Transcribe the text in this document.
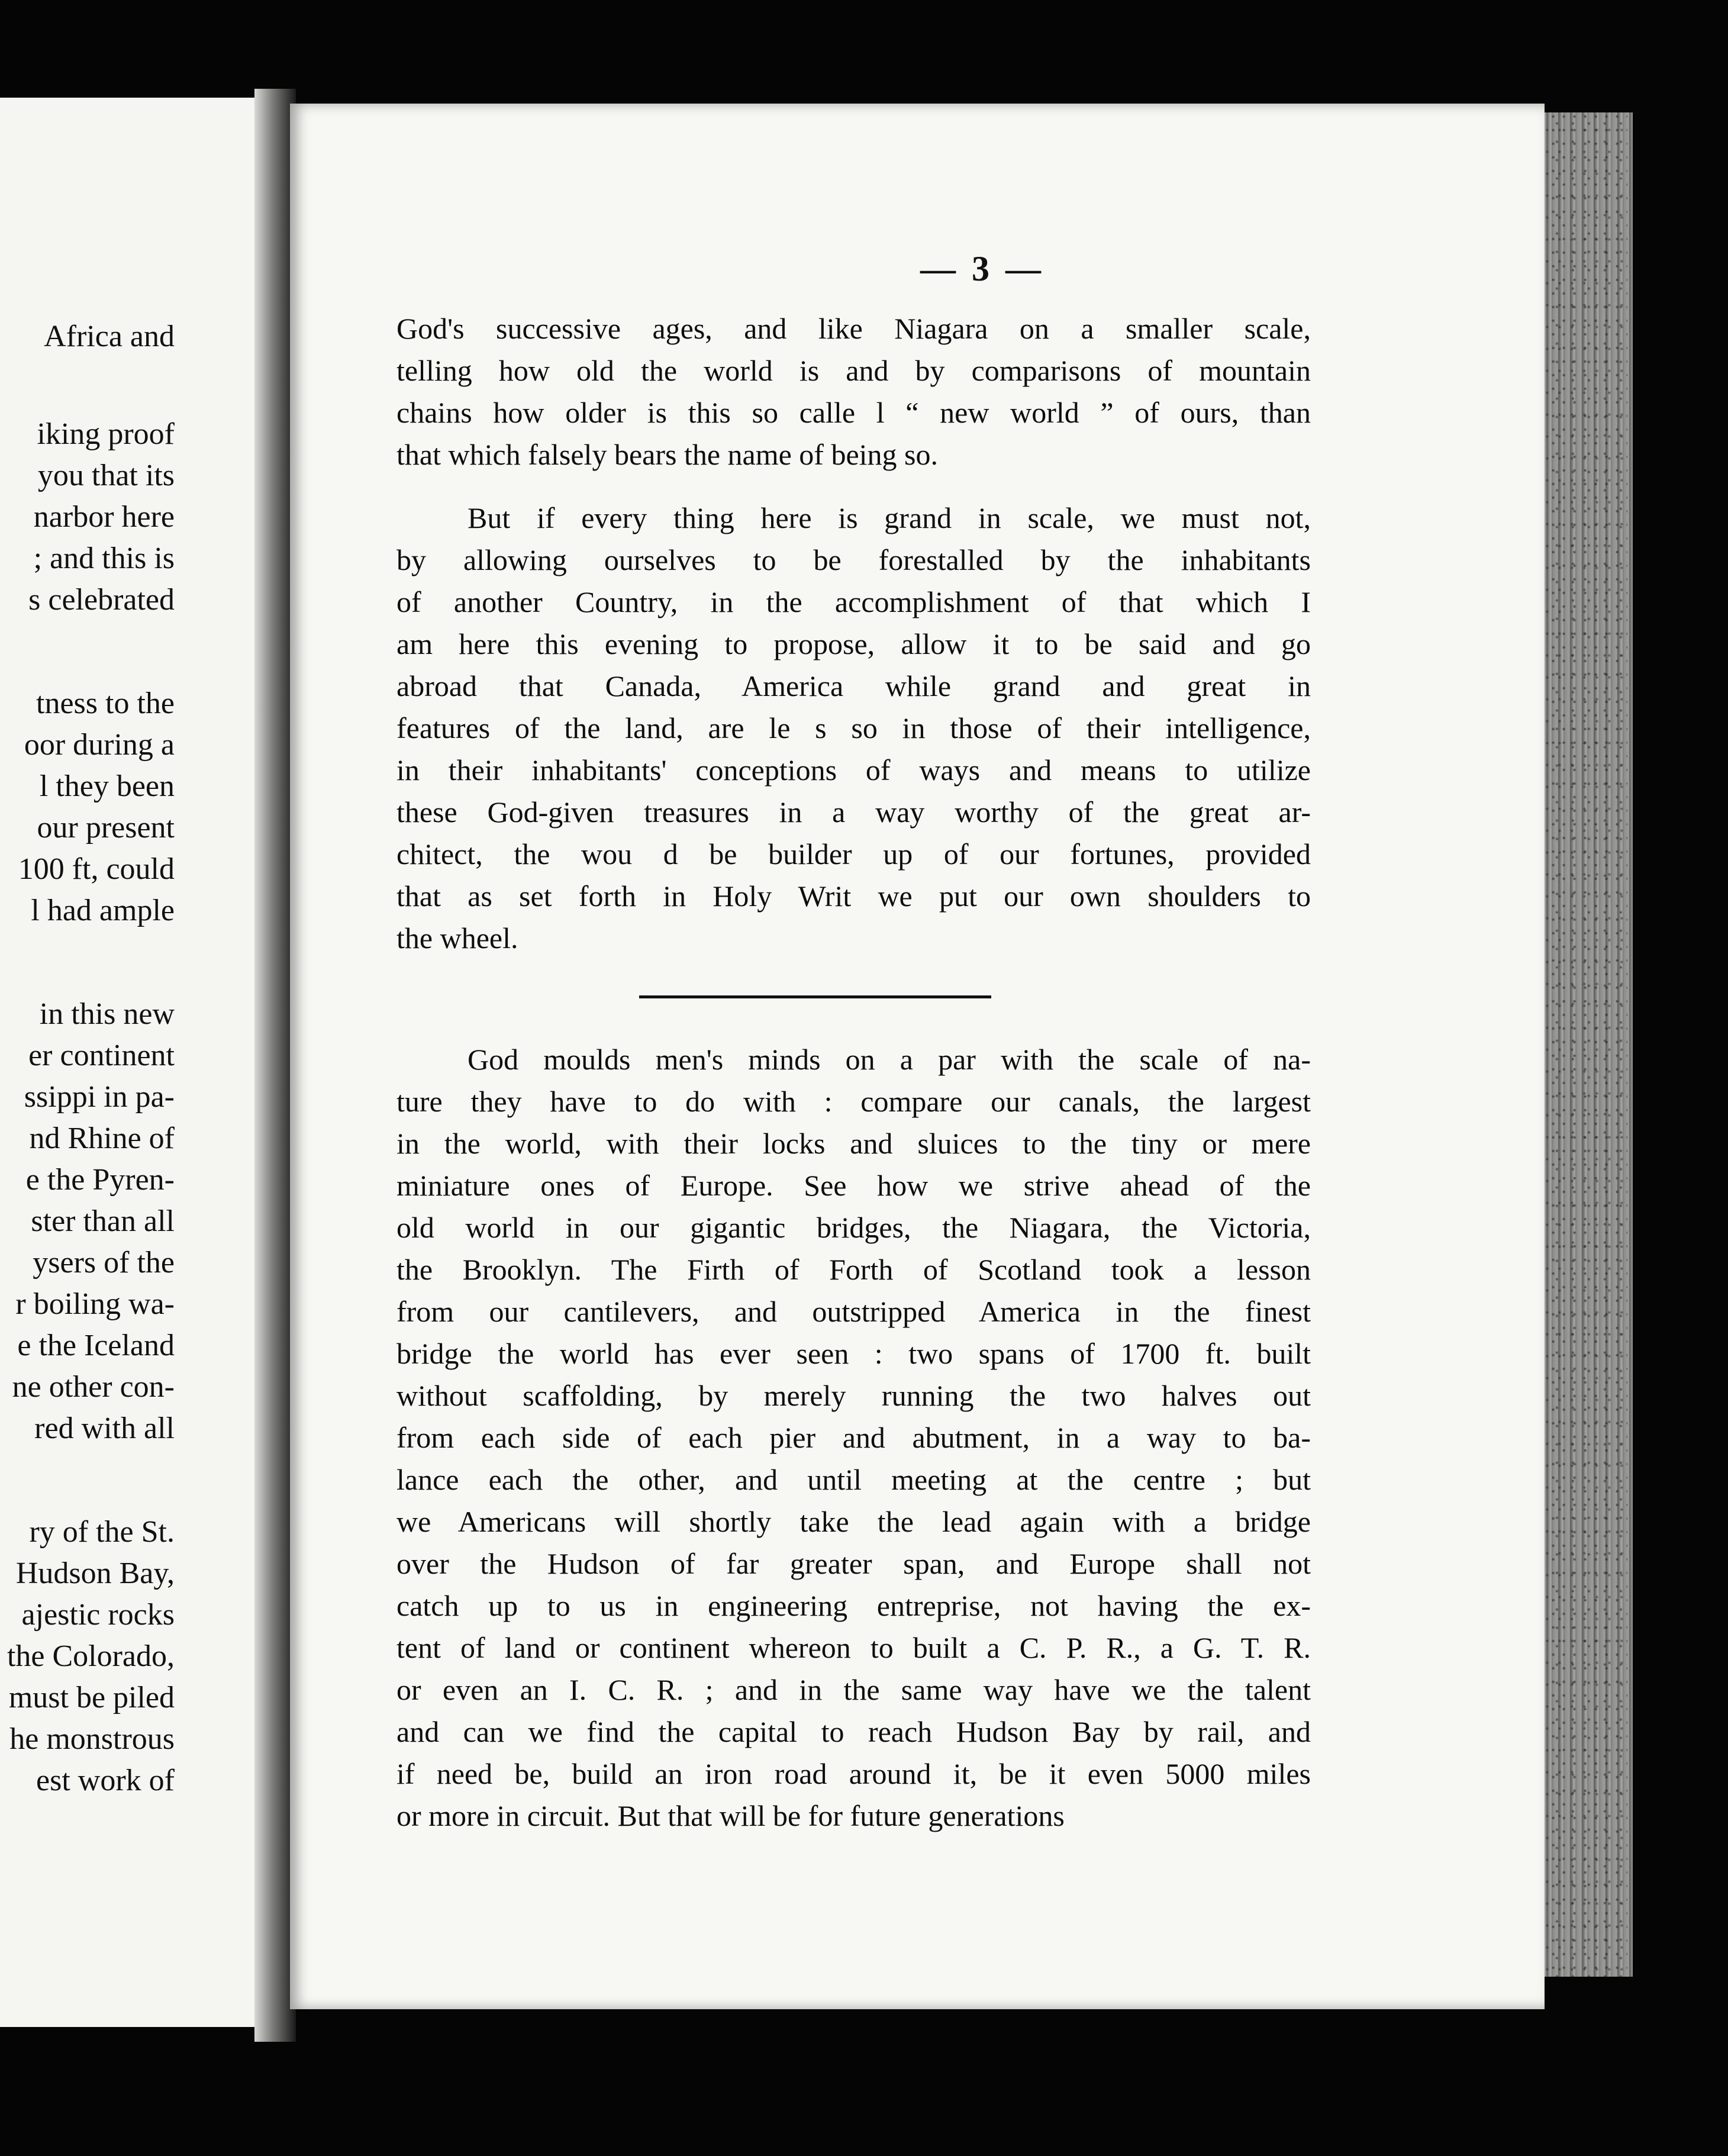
— 3 —
God's successive ages, and like Niagara on a smaller scale,
telling how old the world is and by comparisons of mountain
chains how older is this so calle l “ new world ” of ours, than
that which falsely bears the name of being so.
But if every thing here is grand in scale, we must not,
by allowing ourselves to be forestalled by the inhabitants
of another Country, in the accomplishment of that which I
am here this evening to propose, allow it to be said and go
abroad that Canada, America while grand and great in
features of the land, are le s so in those of their intelligence,
in their inhabitants' conceptions of ways and means to utilize
these God-given treasures in a way worthy of the great ar-
chitect, the wou d be builder up of our fortunes, provided
that as set forth in Holy Writ we put our own shoulders to
the wheel.
God moulds men's minds on a par with the scale of na-
ture they have to do with : compare our canals, the largest
in the world, with their locks and sluices to the tiny or mere
miniature ones of Europe. See how we strive ahead of the
old world in our gigantic bridges, the Niagara, the Victoria,
the Brooklyn. The Firth of Forth of Scotland took a lesson
from our cantilevers, and outstripped America in the finest
bridge the world has ever seen : two spans of 1700 ft. built
without scaffolding, by merely running the two halves out
from each side of each pier and abutment, in a way to ba-
lance each the other, and until meeting at the centre ; but
we Americans will shortly take the lead again with a bridge
over the Hudson of far greater span, and Europe shall not
catch up to us in engineering entreprise, not having the ex-
tent of land or continent whereon to built a C. P. R., a G. T. R.
or even an I. C. R. ; and in the same way have we the talent
and can we find the capital to reach Hudson Bay by rail, and
if need be, build an iron road around it, be it even 5000 miles
or more in circuit. But that will be for future generations
Africa and
iking proof
you that its
narbor here
; and this is
s celebrated
tness to the
oor during a
l they been
our present
100 ft, could
l had ample
in this new
er continent
ssippi in pa-
nd Rhine of
e the Pyren-
ster than all
ysers of the
r boiling wa-
e the Iceland
ne other con-
red with all
ry of the St.
Hudson Bay,
ajestic rocks
the Colorado,
must be piled
he monstrous
est work of
